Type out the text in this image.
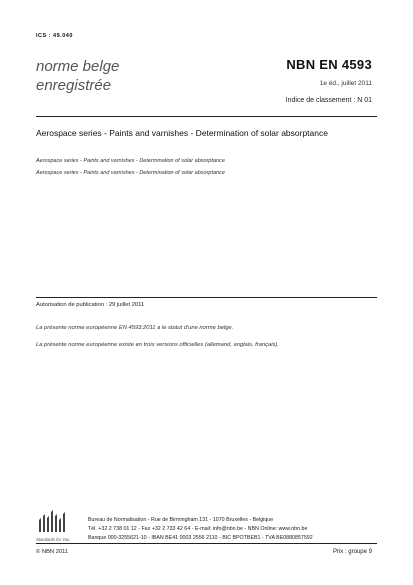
ICS : 49.040
norme belge
enregistrée
NBN EN 4593
1e éd., juillet 2011
Indice de classement : N 01
Aerospace series - Paints and varnishes - Determination of solar absorptance
Aerospace series - Paints and varnishes - Determination of solar absorptance
Aerospace series - Paints and varnishes - Determination of solar absorptance
Autorisation de publication : 29 juillet 2011
La présente norme européenne EN 4593:2011 a le statut d'une norme belge.
La présente norme européenne existe en trois versions officielles (allemand, anglais, français).
Standards for You
Bureau de Normalisation - Rue de Birmingham 131 - 1070 Bruxelles - Belgique
Tél. +32 2 738 01 12 - Fax +32 2 733 42 64 - E-mail: info@nbn.be - NBN Online: www.nbn.be
Banque 000-3255621-10 - IBAN BE41 0003 2556 2110 - BIC BPOTBEB1 - TVA BE0880857592
© NBN 2011	Prix : groupe 9
